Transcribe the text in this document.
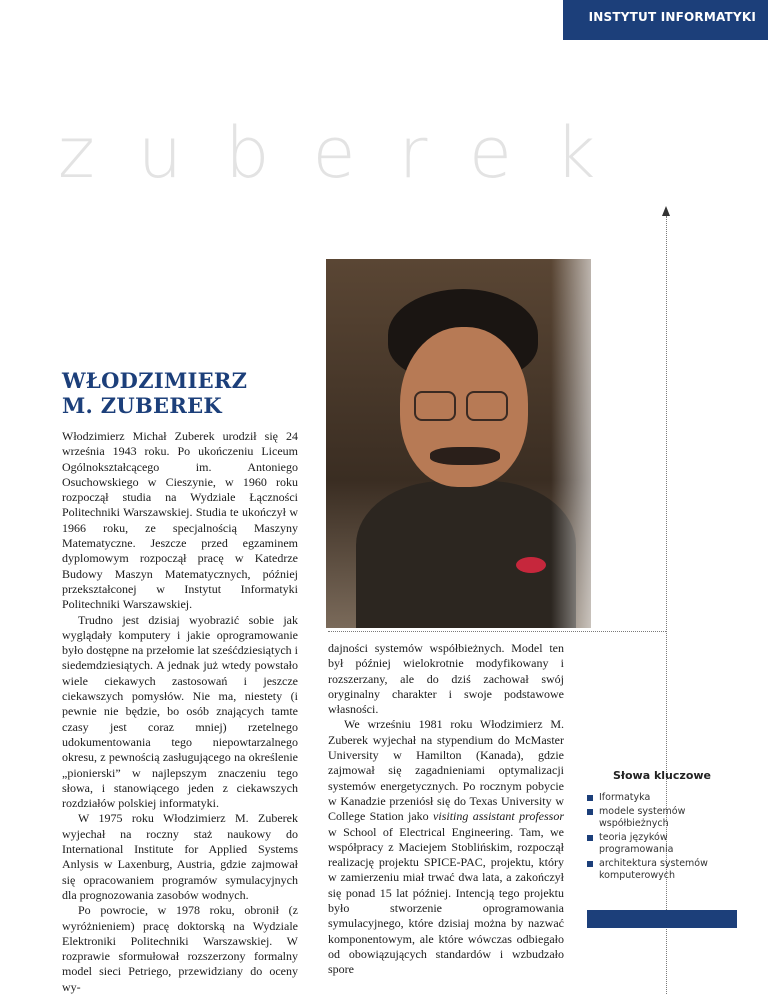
INSTYTUT INFORMATYKI
zuberek
WŁODZIMIERZ
M. ZUBEREK

Włodzimierz Michał Zuberek urodził się 24 września 1943 roku. Po ukończeniu Liceum Ogólnokształcącego im. Antoniego Osuchowskiego w Cieszynie, w 1960 roku rozpoczął studia na Wydziale Łączności Politechniki Warszawskiej. Studia te ukończył w 1966 roku, ze specjalnością Maszyny Matematyczne. Jeszcze przed egzaminem dyplomowym rozpoczął pracę w Katedrze Budowy Maszyn Matematycznych, później przekształconej w Instytut Informatyki Politechniki Warszawskiej.

Trudno jest dzisiaj wyobrazić sobie jak wyglądały komputery i jakie oprogramowanie było dostępne na przełomie lat sześćdziesiątych i siedemdziesiątych. A jednak już wtedy powstało wiele ciekawych zastosowań i jeszcze ciekawszych pomysłów. Nie ma, niestety (i pewnie nie będzie, bo osób znających tamte czasy jest coraz mniej) rzetelnego udokumentowania tego niepowtarzalnego okresu, z pewnością zasługującego na określenie „pionierski” w najlepszym znaczeniu tego słowa, i stanowiącego jeden z ciekawszych rozdziałów polskiej informatyki.

W 1975 roku Włodzimierz M. Zuberek wyjechał na roczny staż naukowy do International Institute for Applied Systems Anlysis w Laxenburg, Austria, gdzie zajmował się opracowaniem programów symulacyjnych dla prognozowania zasobów wodnych.

Po powrocie, w 1978 roku, obronił (z wyróżnieniem) pracę doktorską na Wydziale Elektroniki Politechniki Warszawskiej. W rozprawie sformułował rozszerzony formalny model sieci Petriego, przewidziany do oceny wy-

dajności systemów współbieżnych. Model ten był później wielokrotnie modyfikowany i rozszerzany, ale do dziś zachował swój oryginalny charakter i swoje podstawowe własności.

We wrześniu 1981 roku Włodzimierz M. Zuberek wyjechał na stypendium do McMaster University w Hamilton (Kanada), gdzie zajmował się zagadnieniami optymalizacji systemów energetycznych. Po rocznym pobycie w Kanadzie przeniósł się do Texas University w College Station jako visiting assistant professor w School of Electrical Engineering. Tam, we współpracy z Maciejem Stoblińskim, rozpoczął realizację projektu SPICE-PAC, projektu, który w zamierzeniu miał trwać dwa lata, a zakończył się ponad 15 lat później. Intencją tego projektu było stworzenie oprogramowania symulacyjnego, które dzisiaj można by nazwać komponentowym, ale które wówczas odbiegało od obowiązujących standardów i wzbudzało spore

Słowa kluczowe
Iformatyka
modele systemów współbieżnych
teoria języków programowania
architektura systemów komputerowych
